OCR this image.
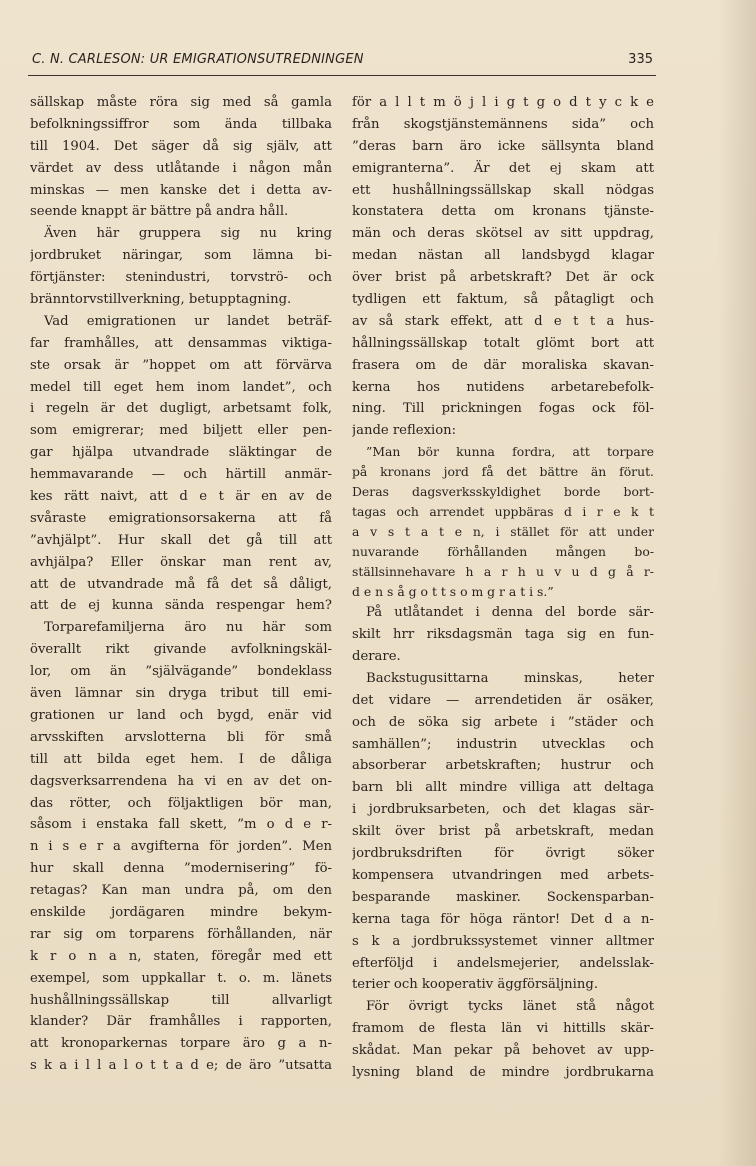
C. N. CARLESON: UR EMIGRATIONSUTREDNINGEN	335
sällskap måste röra sig med så gamla
befolkningssiffror som ända tillbaka
till 1904. Det säger då sig själv, att
värdet av dess utlåtande i någon mån
minskas — men kanske det i detta av-
seende knappt är bättre på andra håll.
Även här gruppera sig nu kring
jordbruket näringar, som lämna bi-
förtjänster: stenindustri, torvströ- och
bränntorvstillverkning, betupptagning.
Vad emigrationen ur landet beträf-
far framhålles, att densammas viktiga-
ste orsak är ”hoppet om att förvärva
medel till eget hem inom landet”, och
i regeln är det dugligt, arbetsamt folk,
som emigrerar; med biljett eller pen-
gar hjälpa utvandrade släktingar de
hemmavarande — och härtill anmär-
kes rätt naivt, att d e t är en av de
svåraste emigrationsorsakerna att få
”avhjälpt”. Hur skall det gå till att
avhjälpa? Eller önskar man rent av,
att de utvandrade må få det så dåligt,
att de ej kunna sända respengar hem?
Torparefamiljerna äro nu här som
överallt rikt givande avfolkningskäl-
lor, om än ”självägande” bondeklass
även lämnar sin dryga tribut till emi-
grationen ur land och bygd, enär vid
arvsskiften arvslotterna bli för små
till att bilda eget hem. I de dåliga
dagsverksarrendena ha vi en av det on-
das rötter, och följaktligen bör man,
såsom i enstaka fall skett, ”m o d e r-
n i s e r a avgifterna för jorden”. Men
hur skall denna ”modernisering” fö-
retagas? Kan man undra på, om den
enskilde jordägaren mindre bekym-
rar sig om torparens förhållanden, när
k r o n a n, staten, föregår med ett
exempel, som uppkallar t. o. m. länets
hushållningssällskap till allvarligt
klander? Där framhålles i rapporten,
att kronoparkernas torpare äro g a n-
s k a i l l a l o t t a d e; de äro ”utsatta
för a l l t m ö j l i g t g o d t y c k e
från skogstjänstemännens sida” och
”deras barn äro icke sällsynta bland
emigranterna”. Är det ej skam att
ett hushållningssällskap skall nödgas
konstatera detta om kronans tjänste-
män och deras skötsel av sitt uppdrag,
medan nästan all landsbygd klagar
över brist på arbetskraft? Det är ock
tydligen ett faktum, så påtagligt och
av så stark effekt, att d e t t a hus-
hållningssällskap totalt glömt bort att
frasera om de där moraliska skavan-
kerna hos nutidens arbetarebefolk-
ning. Till prickningen fogas ock föl-
jande reflexion:
”Man bör kunna fordra, att torpare
på kronans jord få det bättre än förut.
Deras dagsverksskyldighet borde bort-
tagas och arrendet uppbäras d i r e k t
a v s t a t e n, i stället för att under
nuvarande förhållanden mången bo-
ställsinnehavare h a r h u v u d g å r-
d e n s å g o t t s o m g r a t i s.”
På utlåtandet i denna del borde sär-
skilt hrr riksdagsmän taga sig en fun-
derare.
Backstugusittarna minskas, heter
det vidare — arrendetiden är osäker,
och de söka sig arbete i ”städer och
samhällen”; industrin utvecklas och
absorberar arbetskraften; hustrur och
barn bli allt mindre villiga att deltaga
i jordbruksarbeten, och det klagas sär-
skilt över brist på arbetskraft, medan
jordbruksdriften för övrigt söker
kompensera utvandringen med arbets-
besparande maskiner. Sockensparban-
kerna taga för höga räntor! Det d a n-
s k a jordbrukssystemet vinner alltmer
efterföljd i andelsmejerier, andelsslak-
terier och kooperativ äggförsäljning.
För övrigt tycks länet stå något
framom de flesta län vi hittills skär-
skådat. Man pekar på behovet av upp-
lysning bland de mindre jordbrukarna
